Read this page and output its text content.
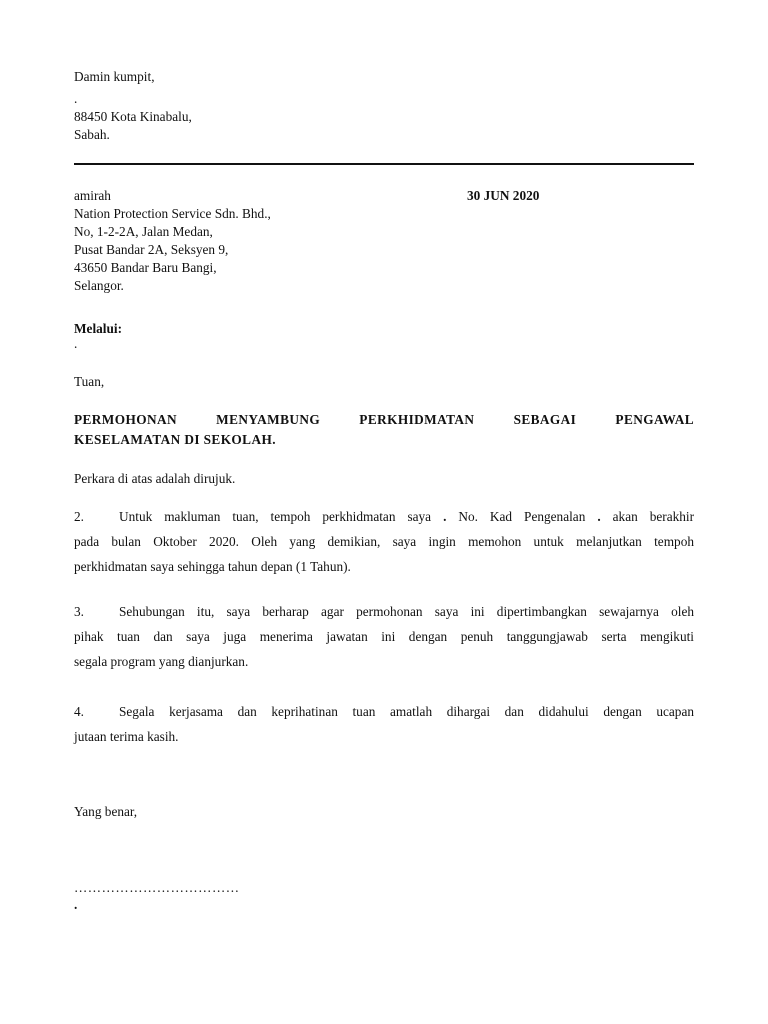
Damin kumpit,
.
88450 Kota Kinabalu,
Sabah.
amirah
Nation Protection Service Sdn. Bhd.,
No, 1-2-2A, Jalan Medan,
Pusat Bandar 2A, Seksyen 9,
43650 Bandar Baru Bangi,
Selangor.
30 JUN 2020
Melalui:
.
Tuan,
PERMOHONAN MENYAMBUNG PERKHIDMATAN SEBAGAI PENGAWAL
KESELAMATAN DI SEKOLAH.
Perkara di atas adalah dirujuk.
2.	Untuk makluman tuan, tempoh perkhidmatan saya . No. Kad Pengenalan . akan berakhir
pada bulan Oktober 2020. Oleh yang demikian, saya ingin memohon untuk melanjutkan tempoh
perkhidmatan saya sehingga tahun depan (1 Tahun).
3.	Sehubungan itu, saya berharap agar permohonan saya ini dipertimbangkan sewajarnya oleh
pihak tuan dan saya juga menerima jawatan ini dengan penuh tanggungjawab serta mengikuti
segala program yang dianjurkan.
4.	Segala kerjasama dan keprihatinan tuan amatlah dihargai dan didahului dengan ucapan
jutaan terima kasih.
Yang benar,
………………………………
.
